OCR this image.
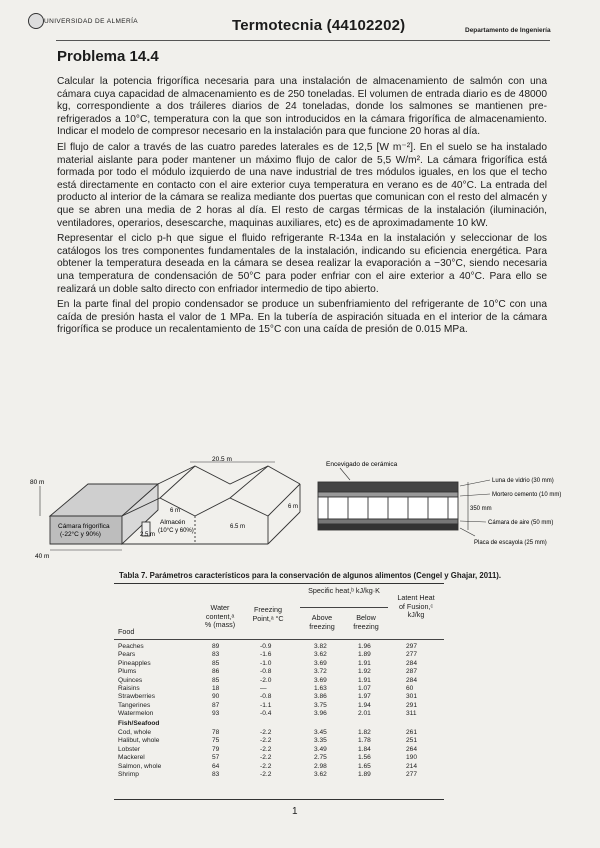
UNIVERSIDAD DE ALMERÍA	Termotecnia (44102202)	Departamento de Ingeniería
Problema 14.4

Calcular la potencia frigorífica necesaria para una instalación de almacenamiento de salmón con una cámara cuya capacidad de almacenamiento es de 250 toneladas. El volumen de entrada diario es de 48000 kg, correspondiente a dos tráileres diarios de 24 toneladas, donde los salmones se mantienen pre-refrigerados a 10°C, temperatura con la que son introducidos en la cámara frigorífica de almacenamiento. Indicar el modelo de compresor necesario en la instalación para que funcione 20 horas al día.

El flujo de calor a través de las cuatro paredes laterales es de 12,5 [W m⁻²]. En el suelo se ha instalado material aislante para poder mantener un máximo flujo de calor de 5,5 W/m². La cámara frigorífica está formada por todo el módulo izquierdo de una nave industrial de tres módulos iguales, en los que el techo está directamente en contacto con el aire exterior cuya temperatura en verano es de 40°C. La entrada del producto al interior de la cámara se realiza mediante dos puertas que comunican con el resto del almacén y que se abren una media de 2 horas al día. El resto de cargas térmicas de la instalación (iluminación, ventiladores, operarios, desescarche, maquinas auxiliares, etc) es de aproximadamente 10 kW.

Representar el ciclo p-h que sigue el fluido refrigerante R-134a en la instalación y seleccionar de los catálogos los tres componentes fundamentales de la instalación, indicando su eficiencia energética. Para obtener la temperatura deseada en la cámara se desea realizar la evaporación a −30°C, siendo necesaria una temperatura de condensación de 50°C para poder enfriar con el aire exterior a 40°C. Para ello se realizará un doble salto directo con enfriador intermedio de tipo abierto.

En la parte final del propio condensador se produce un subenfriamiento del refrigerante de 10°C con una caída de presión hasta el valor de 1 MPa. En la tubería de aspiración situada en el interior de la cámara frigorífica se produce un recalentamiento de 15°C con una caída de presión de 0.015 MPa.

20.5 m
80 m
40 m
2.5 m
6 m
6.5 m
6 m
Cámara frigorífica
(-22°C y 90%)
Almacén
(10°C y 60%)
Encevigado de cerámica
Luna de vidrio (30 mm)
Mortero cemento (10 mm)
350 mm
Cámara de aire (50 mm)
Placa de escayola (25 mm)
Tabla 7. Parámetros característicos para la conservación de algunos alimentos (Cengel y Ghajar, 2011).
Water content,ᵃ % (mass)
Freezing Point,ᵃ °C
Specific heat,ᵇ kJ/kg·K
Above freezing
Below freezing
Latent Heat of Fusion,ᶜ kJ/kg
Food
Peaches	89	-0.9	3.82	1.96	297
Pears	83	-1.6	3.62	1.89	277
Pineapples	85	-1.0	3.69	1.91	284
Plums	86	-0.8	3.72	1.92	287
Quinces	85	-2.0	3.69	1.91	284
Raisins	18	—	1.63	1.07	60
Strawberries	90	-0.8	3.86	1.97	301
Tangerines	87	-1.1	3.75	1.94	291
Watermelon	93	-0.4	3.96	2.01	311
Fish/Seafood
Cod, whole	78	-2.2	3.45	1.82	261
Halibut, whole	75	-2.2	3.35	1.78	251
Lobster	79	-2.2	3.49	1.84	264
Mackerel	57	-2.2	2.75	1.56	190
Salmon, whole	64	-2.2	2.98	1.65	214
Shrimp	83	-2.2	3.62	1.89	277
1
